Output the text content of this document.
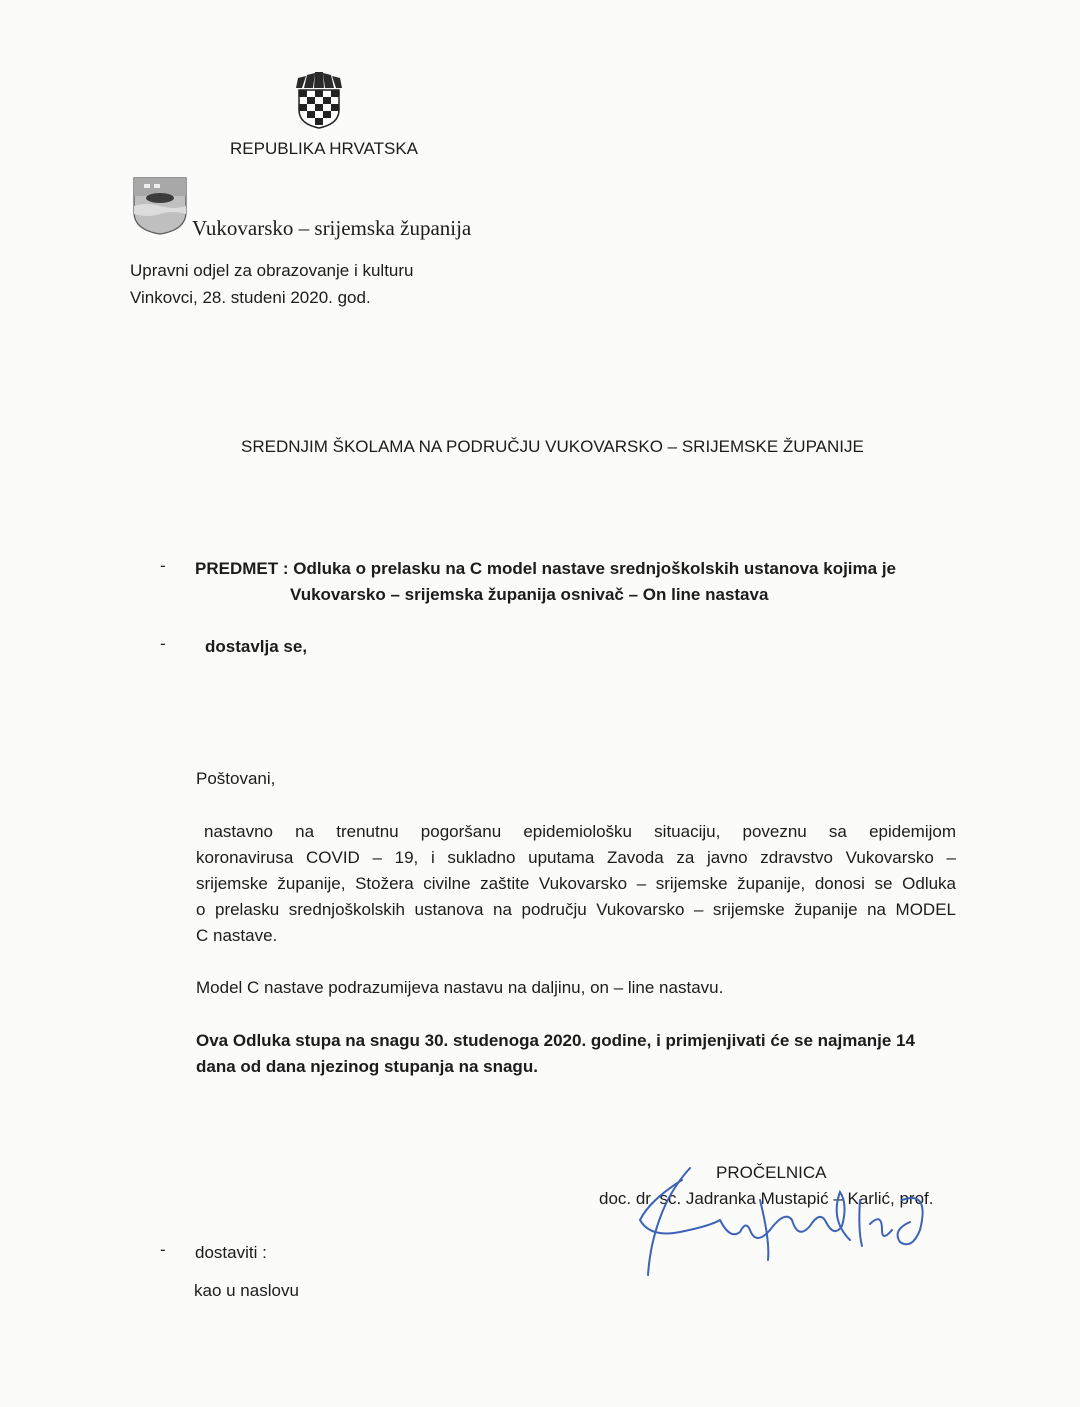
REPUBLIKA HRVATSKA
Vukovarsko – srijemska županija
Upravni odjel za obrazovanje i kulturu
Vinkovci, 28. studeni 2020. god.
SREDNJIM ŠKOLAMA NA PODRUČJU VUKOVARSKO – SRIJEMSKE ŽUPANIJE
- PREDMET : Odluka o prelasku na C model nastave srednjoškolskih ustanova kojima je
Vukovarsko – srijemska županija osnivač – On line nastava
- dostavlja se,
Poštovani,
nastavno na trenutnu pogoršanu epidemiološku situaciju, poveznu sa epidemijom
koronavirusa COVID – 19, i sukladno uputama Zavoda za javno zdravstvo Vukovarsko –
srijemske županije, Stožera civilne zaštite Vukovarsko – srijemske županije, donosi se Odluka
o prelasku srednjoškolskih ustanova na području Vukovarsko – srijemske županije na MODEL
C nastave.
Model C nastave podrazumijeva nastavu na daljinu, on – line nastavu.
Ova Odluka stupa na snagu 30. studenoga 2020. godine, i primjenjivati će se najmanje 14
dana od dana njezinog stupanja na snagu.
PROČELNICA
doc. dr. sc. Jadranka Mustapić – Karlić, prof.
- dostaviti :
kao u naslovu
